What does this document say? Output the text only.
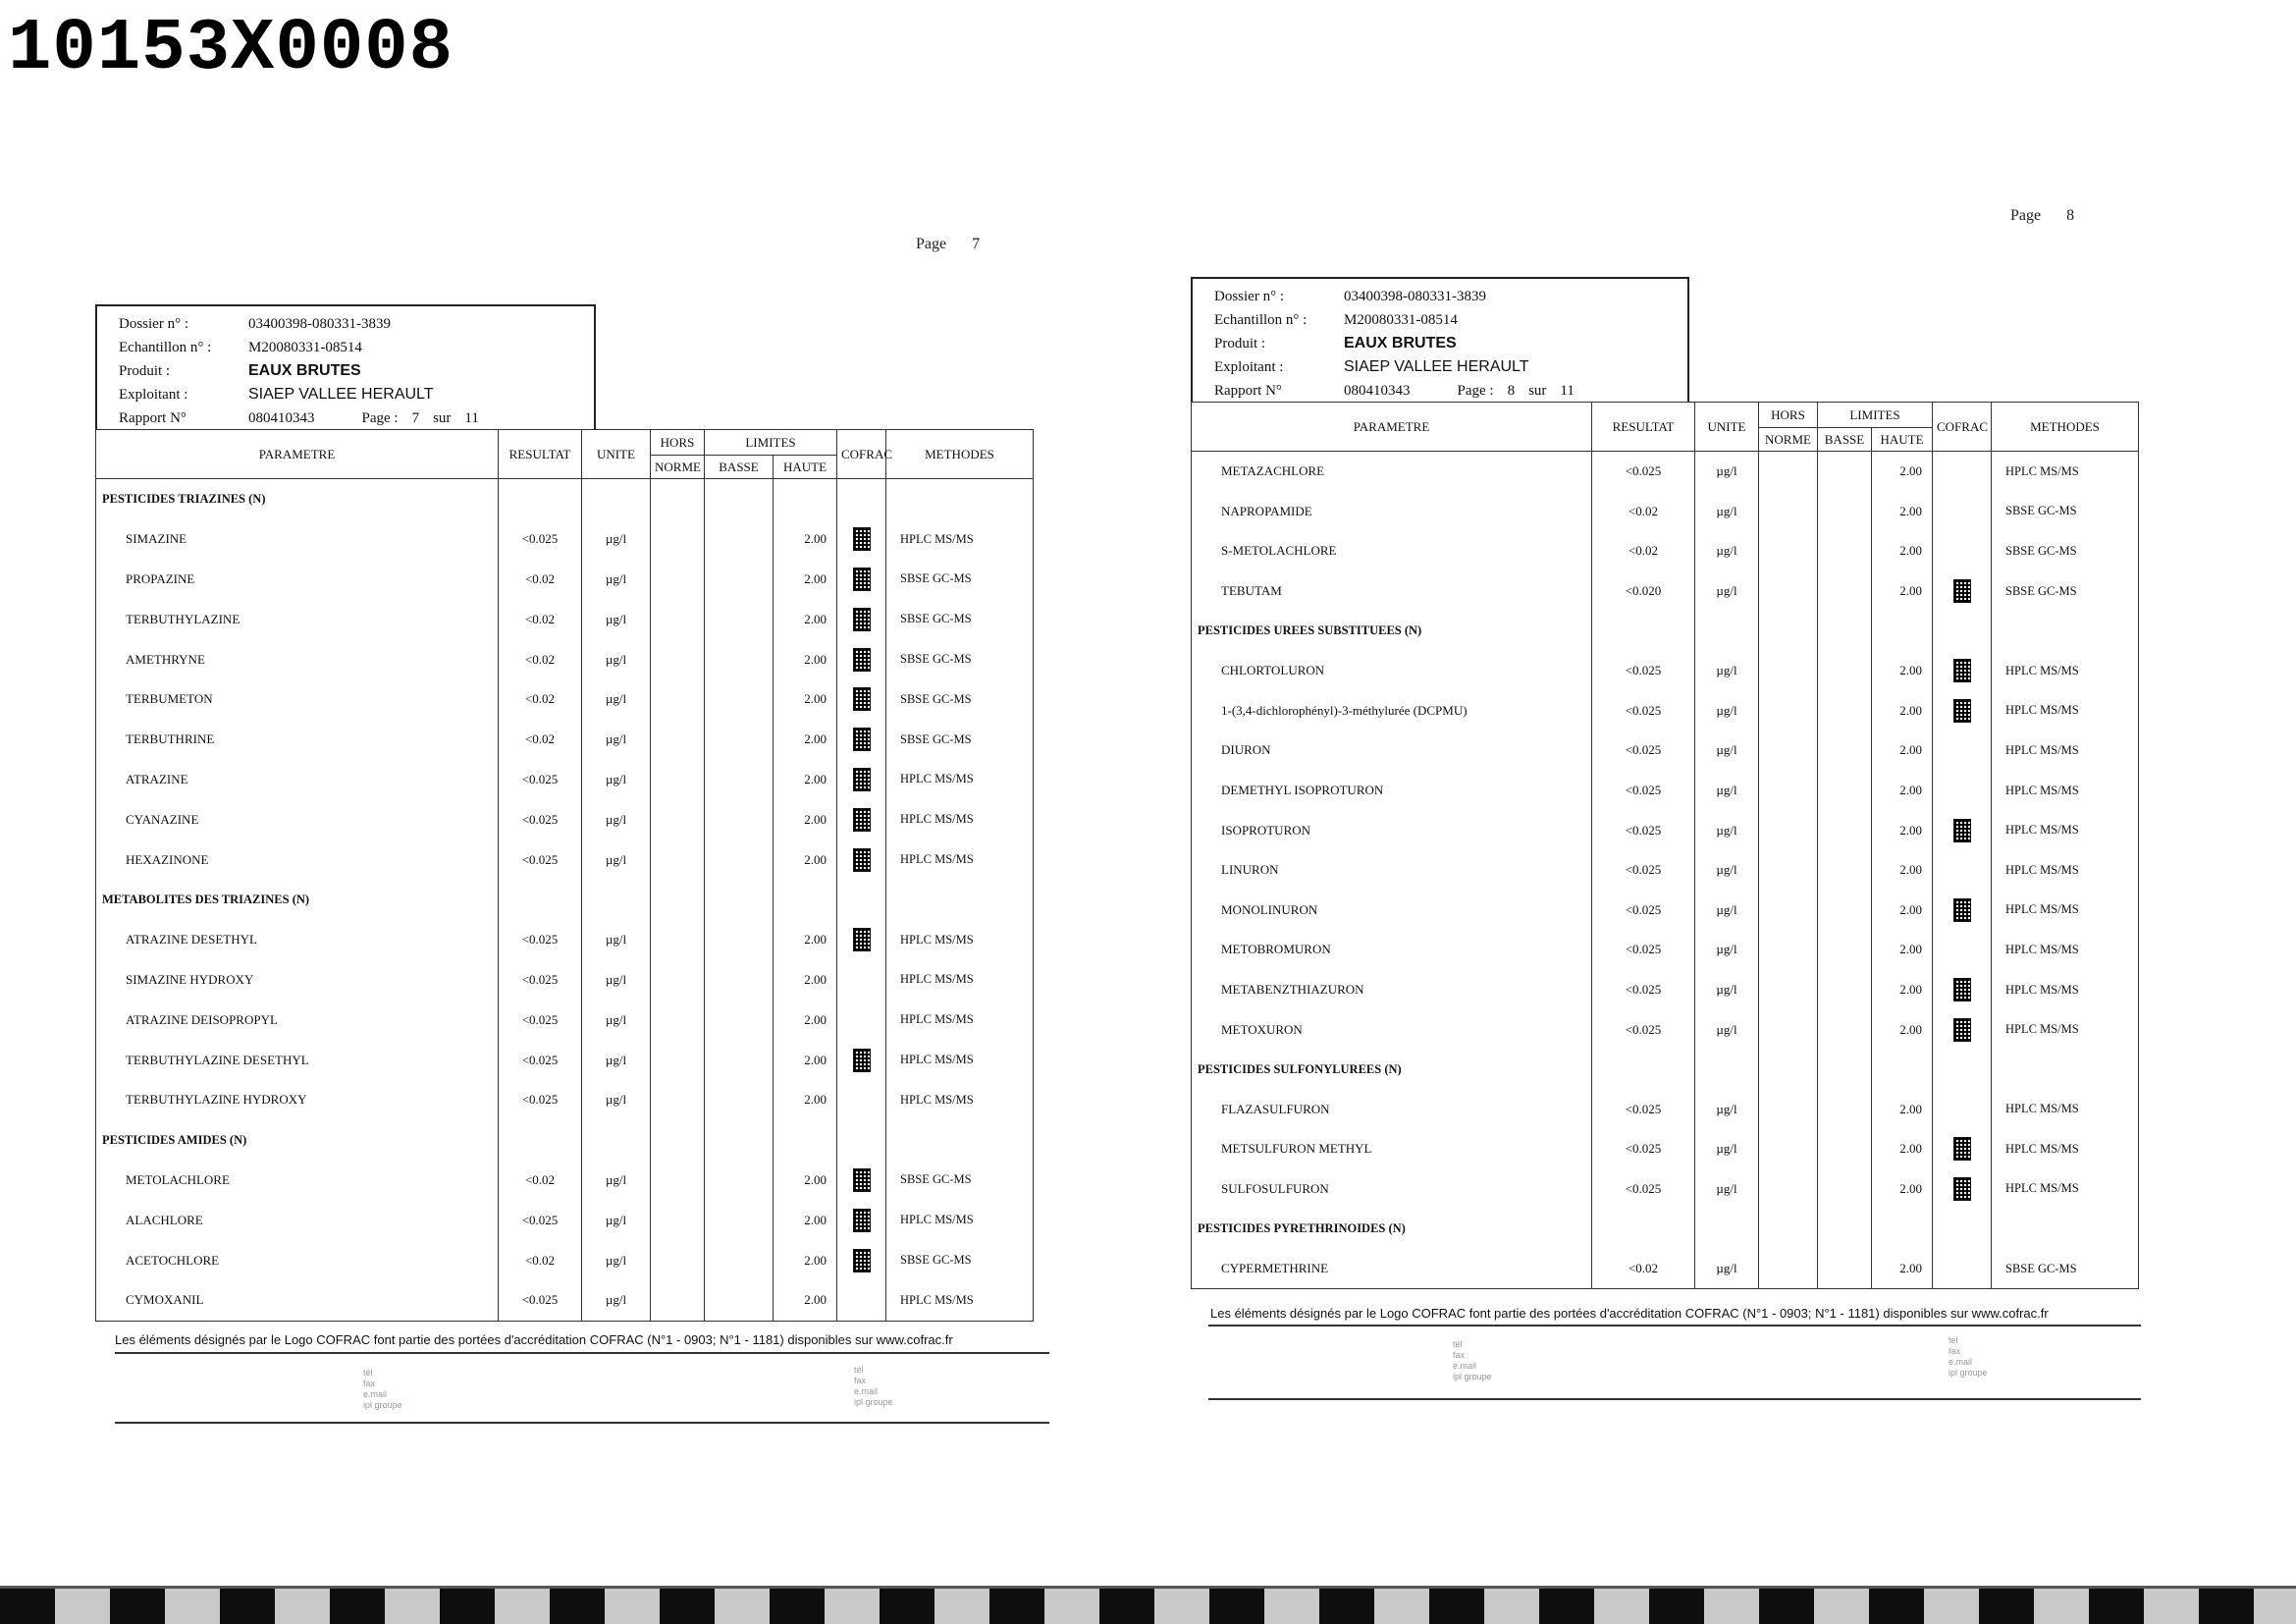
10153X0008
Page 7
Dossier n° :	03400398-080331-3839
Echantillon n° :	M20080331-08514
Produit :	EAUX BRUTES
Exploitant :	SIAEP VALLEE HERAULT
Rapport N°	080410343	Page : 7 sur 11
PARAMETRE	RESULTAT	UNITE	HORS	LIMITES		COFRAC	METHODES
			NORME	BASSE	HAUTE		
PESTICIDES TRIAZINES (N)							
SIMAZINE	<0.025	µg/l			2.00		HPLC MS/MS
PROPAZINE	<0.02	µg/l			2.00		SBSE GC-MS
TERBUTHYLAZINE	<0.02	µg/l			2.00		SBSE GC-MS
AMETHRYNE	<0.02	µg/l			2.00		SBSE GC-MS
TERBUMETON	<0.02	µg/l			2.00		SBSE GC-MS
TERBUTHRINE	<0.02	µg/l			2.00		SBSE GC-MS
ATRAZINE	<0.025	µg/l			2.00		HPLC MS/MS
CYANAZINE	<0.025	µg/l			2.00		HPLC MS/MS
HEXAZINONE	<0.025	µg/l			2.00		HPLC MS/MS
METABOLITES DES TRIAZINES (N)							
ATRAZINE DESETHYL	<0.025	µg/l			2.00		HPLC MS/MS
SIMAZINE HYDROXY	<0.025	µg/l			2.00		HPLC MS/MS
ATRAZINE DEISOPROPYL	<0.025	µg/l			2.00		HPLC MS/MS
TERBUTHYLAZINE DESETHYL	<0.025	µg/l			2.00		HPLC MS/MS
TERBUTHYLAZINE HYDROXY	<0.025	µg/l			2.00		HPLC MS/MS
PESTICIDES AMIDES (N)							
METOLACHLORE	<0.02	µg/l			2.00		SBSE GC-MS
ALACHLORE	<0.025	µg/l			2.00		HPLC MS/MS
ACETOCHLORE	<0.02	µg/l			2.00		SBSE GC-MS
CYMOXANIL	<0.025	µg/l			2.00		HPLC MS/MS
Les éléments désignés par le Logo COFRAC font partie des portées d'accréditation COFRAC (N°1 - 0903; N°1 - 1181) disponibles sur www.cofrac.fr
tél
fax
e.mail
ipl groupe
tél
fax
e.mail
ipl groupe
Page 8
Dossier n° :	03400398-080331-3839
Echantillon n° :	M20080331-08514
Produit :	EAUX BRUTES
Exploitant :	SIAEP VALLEE HERAULT
Rapport N°	080410343	Page : 8 sur 11
PARAMETRE	RESULTAT	UNITE	HORS	LIMITES		COFRAC	METHODES
			NORME	BASSE	HAUTE		
METAZACHLORE	<0.025	µg/l			2.00		HPLC MS/MS
NAPROPAMIDE	<0.02	µg/l			2.00		SBSE GC-MS
S-METOLACHLORE	<0.02	µg/l			2.00		SBSE GC-MS
TEBUTAM	<0.020	µg/l			2.00		SBSE GC-MS
PESTICIDES UREES SUBSTITUEES (N)							
CHLORTOLURON	<0.025	µg/l			2.00		HPLC MS/MS
1-(3,4-dichlorophényl)-3-méthylurée (DCPMU)	<0.025	µg/l			2.00		HPLC MS/MS
DIURON	<0.025	µg/l			2.00		HPLC MS/MS
DEMETHYL ISOPROTURON	<0.025	µg/l			2.00		HPLC MS/MS
ISOPROTURON	<0.025	µg/l			2.00		HPLC MS/MS
LINURON	<0.025	µg/l			2.00		HPLC MS/MS
MONOLINURON	<0.025	µg/l			2.00		HPLC MS/MS
METOBROMURON	<0.025	µg/l			2.00		HPLC MS/MS
METABENZTHIAZURON	<0.025	µg/l			2.00		HPLC MS/MS
METOXURON	<0.025	µg/l			2.00		HPLC MS/MS
PESTICIDES SULFONYLUREES (N)							
FLAZASULFURON	<0.025	µg/l			2.00		HPLC MS/MS
METSULFURON METHYL	<0.025	µg/l			2.00		HPLC MS/MS
SULFOSULFURON	<0.025	µg/l			2.00		HPLC MS/MS
PESTICIDES PYRETHRINOIDES (N)							
CYPERMETHRINE	<0.02	µg/l			2.00		SBSE GC-MS
Les éléments désignés par le Logo COFRAC font partie des portées d'accréditation COFRAC (N°1 - 0903; N°1 - 1181) disponibles sur www.cofrac.fr
tél
fax
e.mail
ipl groupe
tél
fax
e.mail
ipl groupe
